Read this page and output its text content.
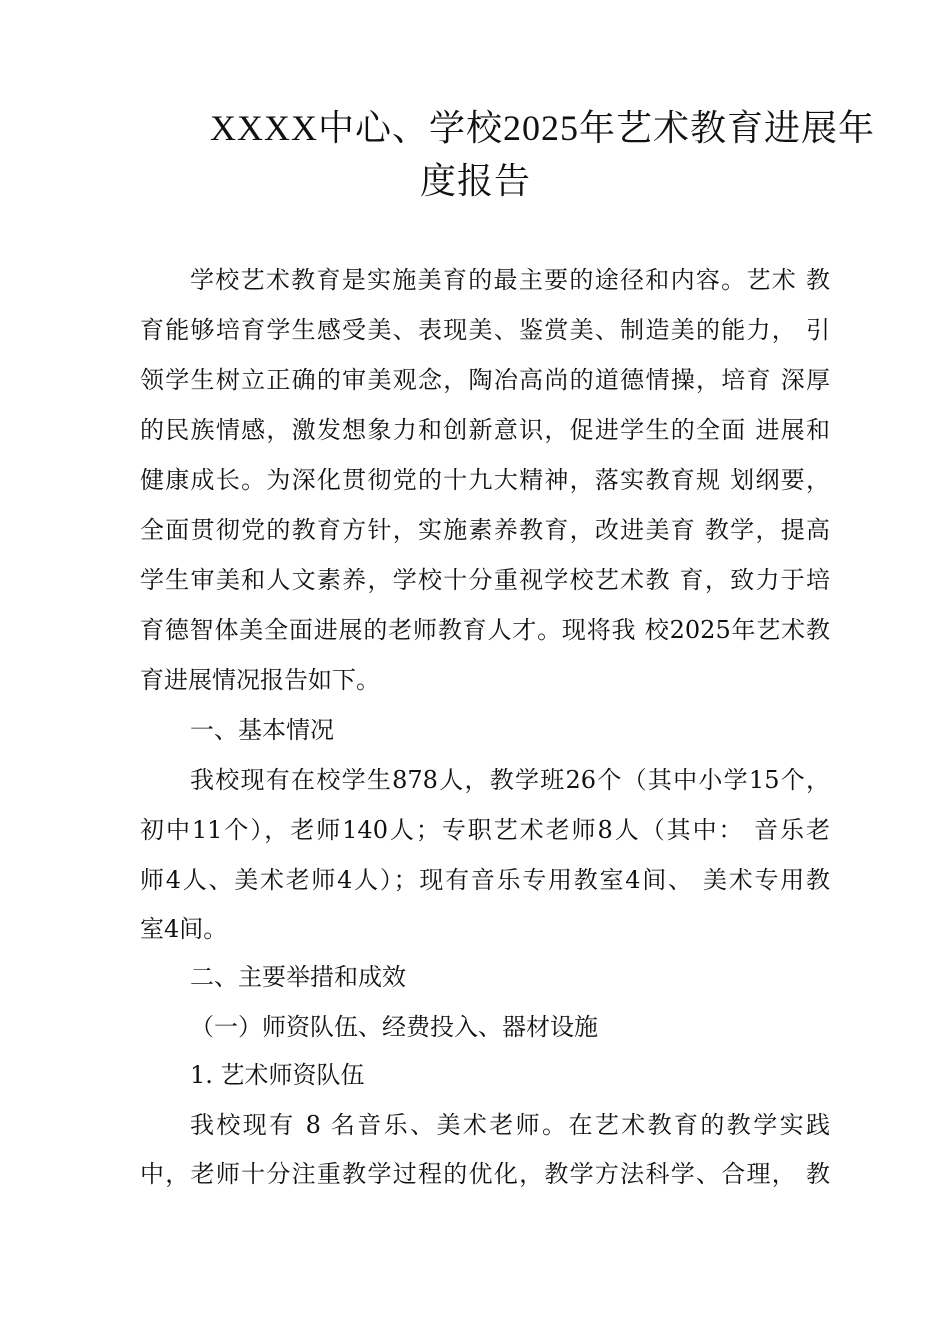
XXXX中心、学校2025年艺术教育进展年
度报告
学校艺术教育是实施美育的最主要的途径和内容。艺术 教
育能够培育学生感受美、表现美、鉴赏美、制造美的能力， 引
领学生树立正确的审美观念，陶冶高尚的道德情操，培育 深厚
的民族情感，激发想象力和创新意识，促进学生的全面 进展和
健康成长。为深化贯彻党的十九大精神，落实教育规 划纲要，
全面贯彻党的教育方针，实施素养教育，改进美育 教学，提高
学生审美和人文素养，学校十分重视学校艺术教 育，致力于培
育德智体美全面进展的老师教育人才。现将我 校2025年艺术教
育进展情况报告如下。
一、基本情况
我校现有在校学生878人，教学班26个（其中小学15个，
初中11个），老师140人；专职艺术老师8人（其中： 音乐老
师4人、美术老师4人）；现有音乐专用教室4间、 美术专用教
室4间。
二、主要举措和成效
（一）师资队伍、经费投入、器材设施
1. 艺术师资队伍
我校现有 8 名音乐、美术老师。在艺术教育的教学实践
中，老师十分注重教学过程的优化，教学方法科学、合理， 教
